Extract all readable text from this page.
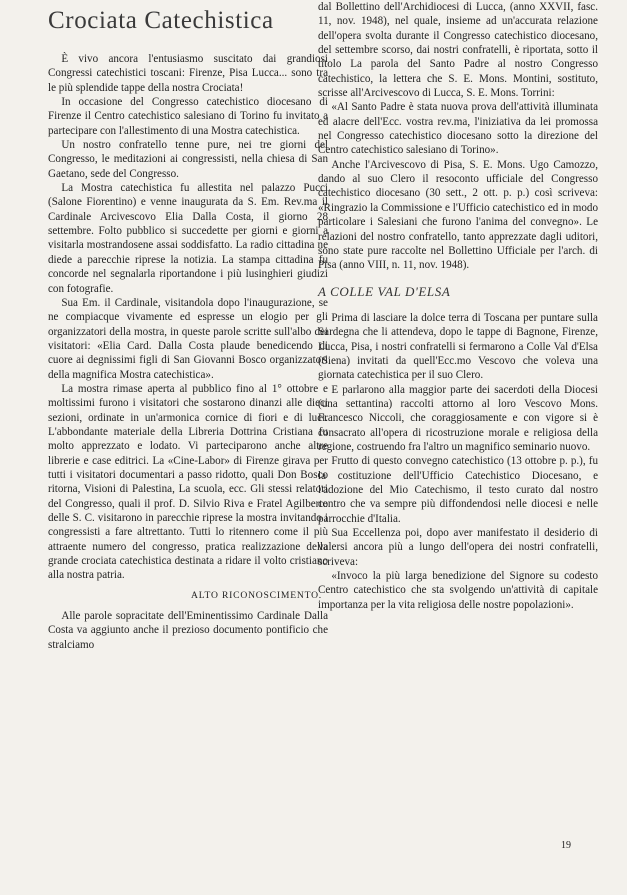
Crociata Catechistica

È vivo ancora l'entusiasmo suscitato dai grandiosi Congressi catechistici toscani: Firenze, Pisa Lucca... sono tra le più splendide tappe della nostra Crociata!

In occasione del Congresso catechistico diocesano di Firenze il Centro catechistico salesiano di Torino fu invitato a partecipare con l'allestimento di una Mostra catechistica.

Un nostro confratello tenne pure, nei tre giorni del Congresso, le meditazioni ai congressisti, nella chiesa di San Gaetano, sede del Congresso.

La Mostra catechistica fu allestita nel palazzo Pucci (Salone Fiorentino) e venne inaugurata da S. Em. Rev.ma il Cardinale Arcivescovo Elia Dalla Costa, il giorno 28 settembre. Folto pubblico si succedette per giorni e giorni a visitarla mostrandosene assai soddisfatto. La radio cittadina ne diede a parecchie riprese la notizia. La stampa cittadina fu concorde nel segnalarla riportandone i più lusinghieri giudizi con fotografie.

Sua Em. il Cardinale, visitandola dopo l'inaugurazione, se ne compiacque vivamente ed espresse un elogio per gli organizzatori della mostra, in queste parole scritte sull'albo dei visitatori: «Elia Card. Dalla Costa plaude benedicendo di cuore ai degnissimi figli di San Giovanni Bosco organizzatori della magnifica Mostra catechistica».

La mostra rimase aperta al pubblico fino al 1° ottobre e moltissimi furono i visitatori che sostarono dinanzi alle dieci sezioni, ordinate in un'armonica cornice di fiori e di luci. L'abbondante materiale della Libreria Dottrina Cristiana fu molto apprezzato e lodato. Vi parteciparono anche altre librerie e case editrici. La «Cine-Labor» di Firenze girava per tutti i visitatori documentari a passo ridotto, quali Don Bosco ritorna, Visioni di Palestina, La scuola, ecc. Gli stessi relatori del Congresso, quali il prof. D. Silvio Riva e Fratel Agilberto delle S. C. visitarono in parecchie riprese la mostra invitando i congressisti a fare altrettanto. Tutti lo ritennero come il più attraente numero del congresso, pratica realizzazione della grande crociata catechistica destinata a ridare il volto cristiano alla nostra patria.

ALTO RICONOSCIMENTO.

Alle parole sopracitate dell'Eminentissimo Cardinale Dalla Costa va aggiunto anche il prezioso documento pontificio che stralciamo

dal Bollettino dell'Archidiocesi di Lucca, (anno XXVII, fasc. 11, nov. 1948), nel quale, insieme ad un'accurata relazione dell'opera svolta durante il Congresso catechistico diocesano, del settembre scorso, dai nostri confratelli, è riportata, sotto il titolo La parola del Santo Padre al nostro Congresso catechistico, la lettera che S. E. Mons. Montini, sostituto, scrisse all'Arcivescovo di Lucca, S. E. Mons. Torrini:

«Al Santo Padre è stata nuova prova dell'attività illuminata ed alacre dell'Ecc. vostra rev.ma, l'iniziativa da lei promossa nel Congresso catechistico diocesano sotto la direzione del Centro catechistico salesiano di Torino».

Anche l'Arcivescovo di Pisa, S. E. Mons. Ugo Camozzo, dando al suo Clero il resoconto ufficiale del Congresso catechistico diocesano (30 sett., 2 ott. p. p.) così scriveva: «Ringrazio la Commissione e l'Ufficio catechistico ed in modo particolare i Salesiani che furono l'anima del convegno». Le relazioni del nostro confratello, tanto apprezzate dagli uditori, sono state pure raccolte nel Bollettino Ufficiale per l'arch. di Pisa (anno VIII, n. 11, nov. 1948).

A COLLE VAL D'ELSA

Prima di lasciare la dolce terra di Toscana per puntare sulla Sardegna che li attendeva, dopo le tappe di Bagnone, Firenze, Lucca, Pisa, i nostri confratelli si fermarono a Colle Val d'Elsa (Siena) invitati da quell'Ecc.mo Vescovo che voleva una giornata catechistica per il suo Clero.

E parlarono alla maggior parte dei sacerdoti della Diocesi (una settantina) raccolti attorno al loro Vescovo Mons. Francesco Niccoli, che coraggiosamente e con vigore si è consacrato all'opera di ricostruzione morale e religiosa della regione, costruendo fra l'altro un magnifico seminario nuovo.

Frutto di questo convegno catechistico (13 ottobre p. p.), fu la costituzione dell'Ufficio Catechistico Diocesano, e l'adozione del Mio Catechismo, il testo curato dal nostro centro che va sempre più diffondendosi nelle diocesi e nelle parrocchie d'Italia.

Sua Eccellenza poi, dopo aver manifestato il desiderio di valersi ancora più a lungo dell'opera dei nostri confratelli, scriveva:

«Invoco la più larga benedizione del Signore su codesto Centro catechistico che sta svolgendo un'attività di capitale importanza per la vita religiosa delle nostre popolazioni».

19
